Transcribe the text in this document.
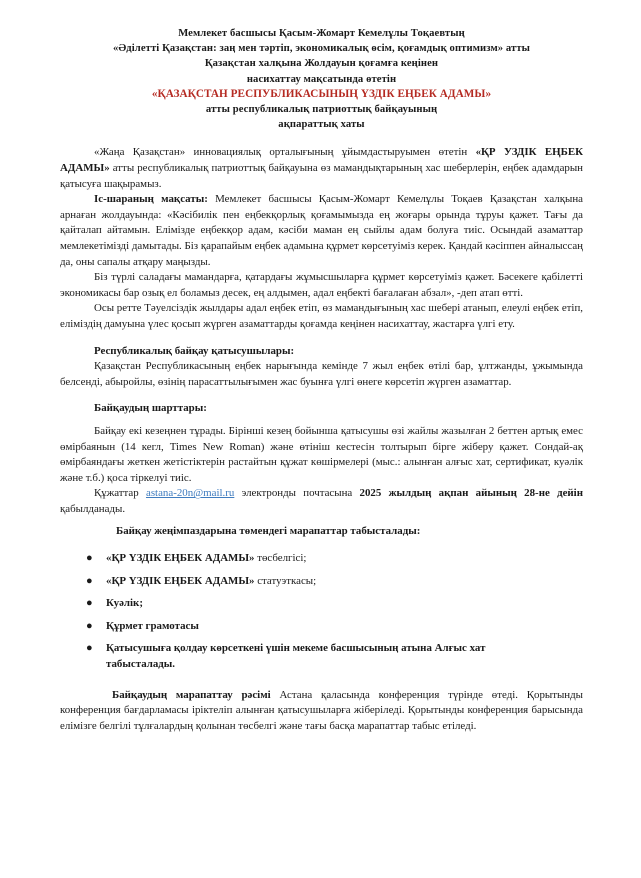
Мемлекет басшысы Қасым-Жомарт Кемелұлы Тоқаевтың
«Әділетті Қазақстан: заң мен тәртіп, экономикалық өсім, қоғамдық оптимизм» атты
Қазақстан халқына Жолдауын қоғамға кеңінен
насихаттау мақсатында өтетін
«ҚАЗАҚСТАН РЕСПУБЛИКАСЫНЫҢ ҮЗДІК ЕҢБЕК АДАМЫ»
атты республикалық патриоттық байқауының
ақпараттық хаты

«Жаңа Қазақстан» инновациялық орталығының ұйымдастыруымен өтетін «ҚР УЗДІК ЕҢБЕК АДАМЫ» атты республикалық патриоттық байқауына өз мамандықтарының хас шеберлерін, еңбек адамдарын қатысуға шақырамыз.

Іс-шараның мақсаты: Мемлекет басшысы Қасым-Жомарт Кемелұлы Тоқаев Қазақстан халқына арнаған жолдауында: «Кәсібилік пен еңбекқорлық қоғамымызда ең жоғары орында тұруы қажет. Тағы да қайталап айтамын. Елімізде еңбекқор адам, кәсіби маман ең сыйлы адам болуға тиіс. Осындай азаматтар мемлекетімізді дамытады. Біз қарапайым еңбек адамына құрмет көрсетуіміз керек. Қандай кәсіппен айналыссаң да, оны сапалы атқару маңызды.

Біз түрлі саладағы мамандарға, қатардағы жұмысшыларға құрмет көрсетуіміз қажет. Бәсекеге қабілетті экономикасы бар озық ел боламыз десек, ең алдымен, адал еңбекті бағалаған абзал», -деп атап өтті.

Осы ретте Тәуелсіздік жылдары адал еңбек етіп, өз мамандығының хас шебері атанып, елеулі еңбек етіп, еліміздің дамуына үлес қосып жүрген азаматтарды қоғамда кеңінен насихаттау, жастарға үлгі ету.

Республикалық байқау қатысушылары:

Қазақстан Республикасының еңбек нарығында кемінде 7 жыл еңбек өтілі бар, ұлтжанды, ұжымында белсенді, абыройлы, өзінің парасаттылығымен жас буынға үлгі өнеге көрсетіп жүрген азаматтар.

Байқаудың шарттары:

Байқау екі кезеңнен тұрады. Бірінші кезең бойынша қатысушы өзі жайлы жазылған 2 беттен артық емес өмірбаянын (14 кегл, Times New Roman) және өтініш кестесін толтырып бірге жіберу қажет. Сондай-ақ өмірбаяндағы жеткен жетістіктерін растайтын құжат көшірмелері (мыс.: алынған алғыс хат, сертификат, куәлік және т.б.) қоса тіркелуі тиіс.

Құжаттар astana-20n@mail.ru электронды почтасына 2025 жылдың ақпан айының 28-не дейін қабылданады.

Байқау жеңімпаздарына төмендегі марапаттар табысталады:

●	«ҚР ҮЗДІК ЕҢБЕК АДАМЫ» төсбелгісі;
●	«ҚР ҮЗДІК ЕҢБЕК АДАМЫ» статуэткасы;
●	Куәлік;
●	Құрмет грамотасы
●	Қатысушыға қолдау көрсеткені үшін мекеме басшысының атына Алғыс хат
табысталады.

Байқаудың марапаттау рәсімі Астана қаласында конференция түрінде өтеді. Қорытынды конференция бағдарламасы іріктеліп алынған қатысушыларға жіберіледі. Қорытынды конференция барысында елімізге белгілі тұлғалардың қолынан төсбелгі және тағы басқа марапаттар табыс етіледі.
